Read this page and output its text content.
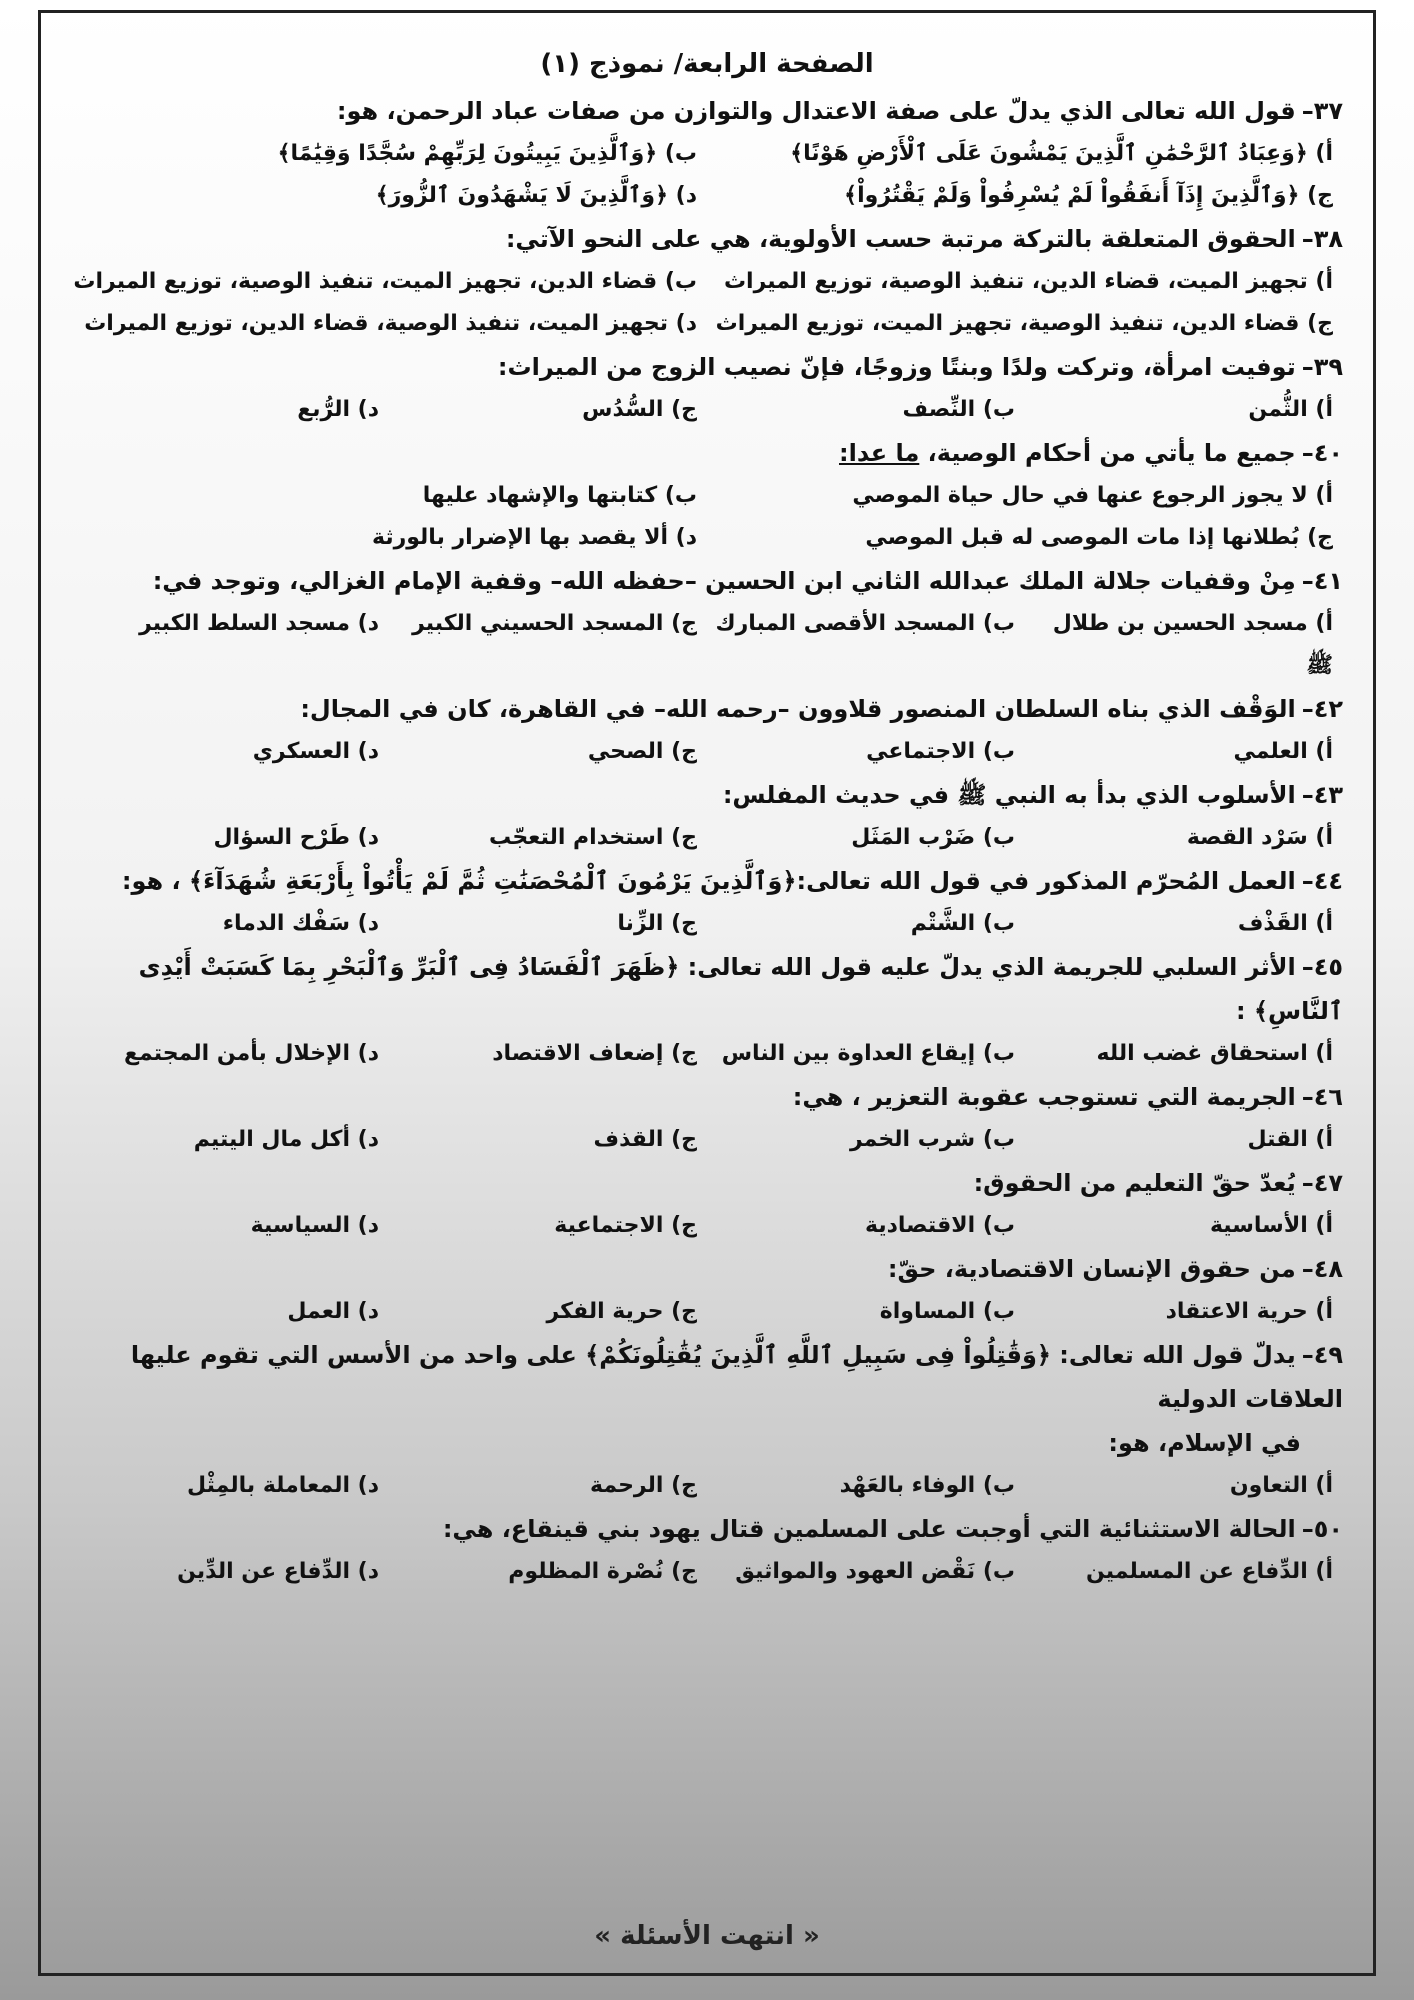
الصفحة الرابعة/ نموذج (١)
٣٧–قول الله تعالى الذي يدلّ على صفة الاعتدال والتوازن من صفات عباد الرحمن، هو:
أ) ﴿وَعِبَادُ ٱلرَّحْمَٰنِ ٱلَّذِينَ يَمْشُونَ عَلَى ٱلْأَرْضِ هَوْنًا﴾
ب) ﴿وَٱلَّذِينَ يَبِيتُونَ لِرَبِّهِمْ سُجَّدًا وَقِيَٰمًا﴾
ج) ﴿وَٱلَّذِينَ إِذَآ أَنفَقُواْ لَمْ يُسْرِفُواْ وَلَمْ يَقْتُرُواْ﴾
د) ﴿وَٱلَّذِينَ لَا يَشْهَدُونَ ٱلزُّورَ﴾
٣٨–الحقوق المتعلقة بالتركة مرتبة حسب الأولوية، هي على النحو الآتي:
أ) تجهيز الميت، قضاء الدين، تنفيذ الوصية، توزيع الميراث
ب) قضاء الدين، تجهيز الميت، تنفيذ الوصية، توزيع الميراث
ج) قضاء الدين، تنفيذ الوصية، تجهيز الميت، توزيع الميراث
د) تجهيز الميت، تنفيذ الوصية، قضاء الدين، توزيع الميراث
٣٩–توفيت امرأة، وتركت ولدًا وبنتًا وزوجًا، فإنّ نصيب الزوج من الميراث:
أ) الثُّمن
ب) النِّصف
ج) السُّدُس
د) الرُّبع
٤٠–جميع ما يأتي من أحكام الوصية، ما عدا:
أ) لا يجوز الرجوع عنها في حال حياة الموصي
ب) كتابتها والإشهاد عليها
ج) بُطلانها إذا مات الموصى له قبل الموصي
د) ألا يقصد بها الإضرار بالورثة
٤١–مِنْ وقفيات جلالة الملك عبدالله الثاني ابن الحسين –حفظه الله– وقفية الإمام الغزالي، وتوجد في:
أ) مسجد الحسين بن طلال ﷺ
ب) المسجد الأقصى المبارك
ج) المسجد الحسيني الكبير
د) مسجد السلط الكبير
٤٢–الوَقْف الذي بناه السلطان المنصور قلاوون –رحمه الله– في القاهرة، كان في المجال:
أ) العلمي
ب) الاجتماعي
ج) الصحي
د) العسكري
٤٣–الأسلوب الذي بدأ به النبي ﷺ في حديث المفلس:
أ) سَرْد القصة
ب) ضَرْب المَثَل
ج) استخدام التعجّب
د) طَرْح السؤال
٤٤–العمل المُحرّم المذكور في قول الله تعالى:﴿وَٱلَّذِينَ يَرْمُونَ ٱلْمُحْصَنَٰتِ ثُمَّ لَمْ يَأْتُواْ بِأَرْبَعَةِ شُهَدَآءَ﴾ ، هو:
أ) القَذْف
ب) الشَّتْم
ج) الزِّنا
د) سَفْك الدماء
٤٥–الأثر السلبي للجريمة الذي يدلّ عليه قول الله تعالى: ﴿ظَهَرَ ٱلْفَسَادُ فِى ٱلْبَرِّ وَٱلْبَحْرِ بِمَا كَسَبَتْ أَيْدِى ٱلنَّاسِ﴾ :
أ) استحقاق غضب الله
ب) إيقاع العداوة بين الناس
ج) إضعاف الاقتصاد
د) الإخلال بأمن المجتمع
٤٦–الجريمة التي تستوجب عقوبة التعزير ، هي:
أ) القتل
ب) شرب الخمر
ج) القذف
د) أكل مال اليتيم
٤٧–يُعدّ حقّ التعليم من الحقوق:
أ) الأساسية
ب) الاقتصادية
ج) الاجتماعية
د) السياسية
٤٨–من حقوق الإنسان الاقتصادية، حقّ:
أ) حرية الاعتقاد
ب) المساواة
ج) حرية الفكر
د) العمل
٤٩–يدلّ قول الله تعالى: ﴿وَقَٰتِلُواْ فِى سَبِيلِ ٱللَّهِ ٱلَّذِينَ يُقَٰتِلُونَكُمْ﴾ على واحد من الأسس التي تقوم عليها العلاقات الدولية
في الإسلام، هو:
أ) التعاون
ب) الوفاء بالعَهْد
ج) الرحمة
د) المعاملة بالمِثْل
٥٠–الحالة الاستثنائية التي أوجبت على المسلمين قتال يهود بني قينقاع، هي:
أ) الدِّفاع عن المسلمين
ب) نَقْض العهود والمواثيق
ج) نُصْرة المظلوم
د) الدِّفاع عن الدِّين
« انتهت الأسئلة »
